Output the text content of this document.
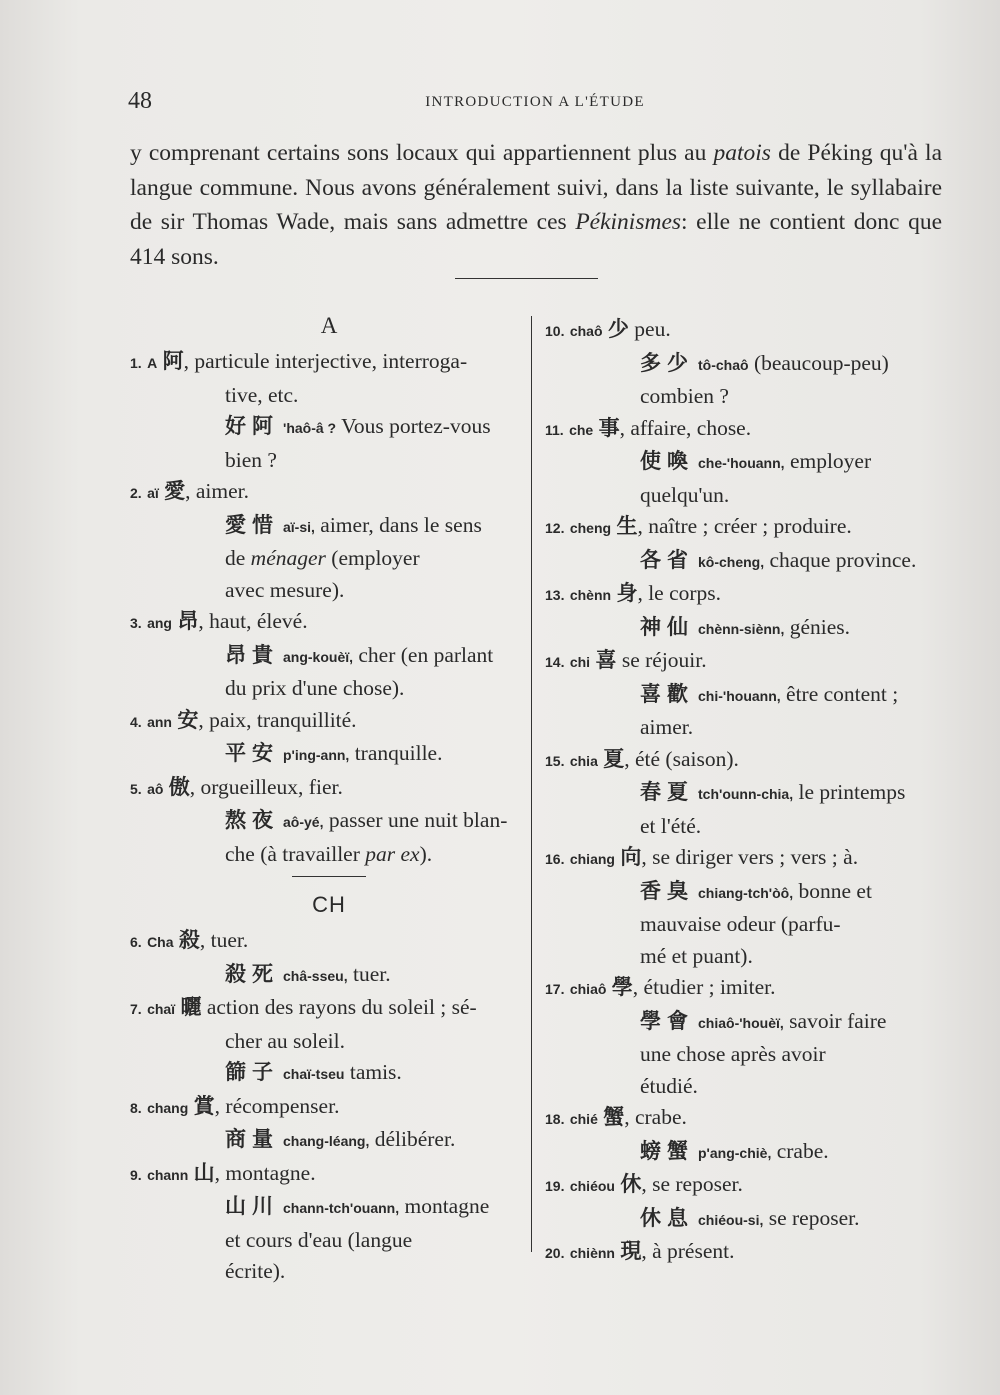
48	INTRODUCTION A L'ÉTUDE

y comprenant certains sons locaux qui appartiennent plus au patois de Péking qu'à la langue commune. Nous avons généralement suivi, dans la liste suivante, le syllabaire de sir Thomas Wade, mais sans admettre ces Pékinismes: elle ne contient donc que 414 sons.

A
1. A 阿, particule interjective, interroga-
tive, etc.
好阿 'haô-â ? Vous portez-vous
bien ?
2. aï 愛, aimer.
愛惜 aï-si, aimer, dans le sens
de ménager (employer
avec mesure).
3. ang 昂, haut, élevé.
昂貴 ang-kouèï, cher (en parlant
du prix d'une chose).
4. ann 安, paix, tranquillité.
平安 p'ing-ann, tranquille.
5. aô 傲, orgueilleux, fier.
熬夜 aô-yé, passer une nuit blan-
che (à travailler par ex).
CH
6. Cha 殺, tuer.
殺死 châ-sseu, tuer.
7. chaï 曬 action des rayons du soleil ; sé-
cher au soleil.
篩子 chaï-tseu tamis.
8. chang 賞, récompenser.
商量 chang-léang, délibérer.
9. chann 山, montagne.
山川 chann-tch'ouann, montagne
et cours d'eau (langue
écrite).
10. chaô 少 peu.
多少 tô-chaô (beaucoup-peu)
combien ?
11. che 事, affaire, chose.
使喚 che-'houann, employer
quelqu'un.
12. cheng 生, naître ; créer ; produire.
各省 kô-cheng, chaque province.
13. chènn 身, le corps.
神仙 chènn-siènn, génies.
14. chi 喜 se réjouir.
喜歡 chi-'houann, être content ;
aimer.
15. chia 夏, été (saison).
春夏 tch'ounn-chia, le printemps
et l'été.
16. chiang 向, se diriger vers ; vers ; à.
香臭 chiang-tch'òô, bonne et
mauvaise odeur (parfu-
mé et puant).
17. chiaô 學, étudier ; imiter.
學會 chiaô-'houèï, savoir faire
une chose après avoir
étudié.
18. chié 蟹, crabe.
螃蟹 p'ang-chiè, crabe.
19. chiéou 休, se reposer.
休息 chiéou-si, se reposer.
20. chiènn 現, à présent.
